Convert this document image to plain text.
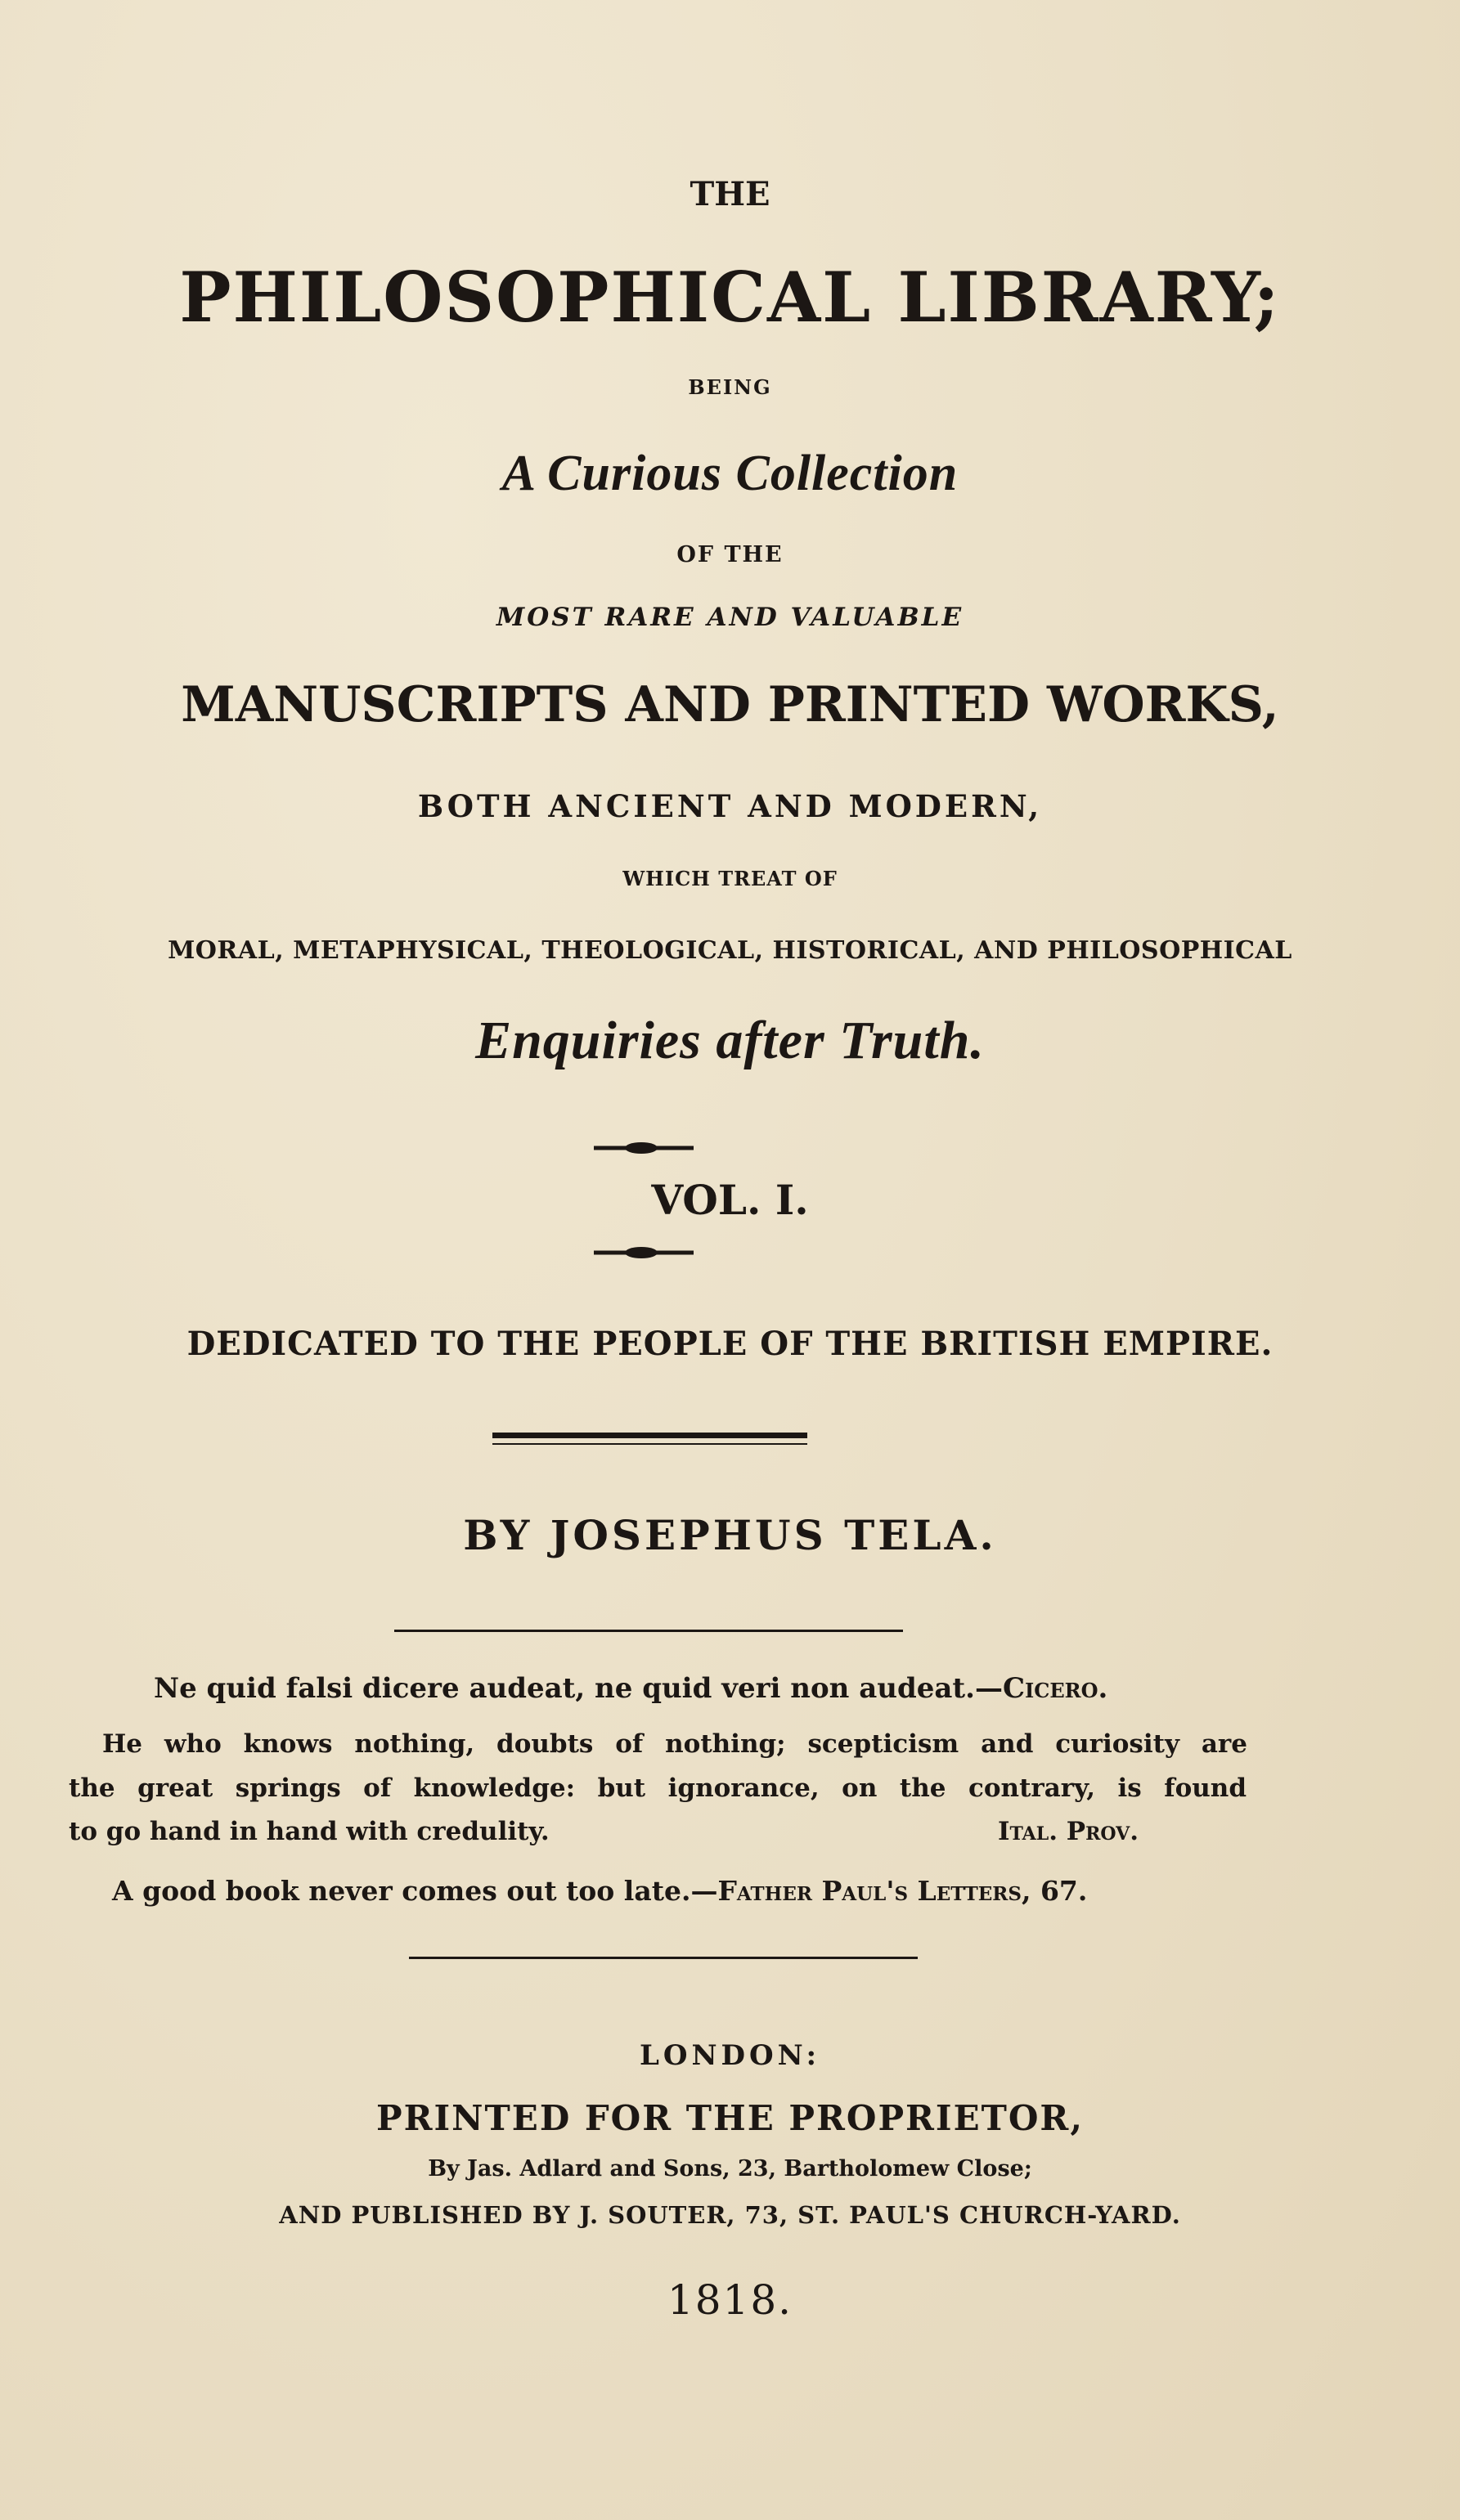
THE

PHILOSOPHICAL LIBRARY;

BEING

A Curious Collection

OF THE

MOST RARE AND VALUABLE

MANUSCRIPTS AND PRINTED WORKS,

BOTH ANCIENT AND MODERN,

WHICH TREAT OF

MORAL, METAPHYSICAL, THEOLOGICAL, HISTORICAL, AND PHILOSOPHICAL

Enquiries after Truth.

VOL. I.

DEDICATED TO THE PEOPLE OF THE BRITISH EMPIRE.

BY JOSEPHUS TELA.

Ne quid falsi dicere audeat, ne quid veri non audeat.—Cicero.

He who knows nothing, doubts of nothing; scepticism and curiosity are

the great springs of knowledge: but ignorance, on the contrary, is found

to go hand in hand with credulity.	Ital. Prov.

A good book never comes out too late.—Father Paul's Letters, 67.

LONDON:

PRINTED FOR THE PROPRIETOR,

By Jas. Adlard and Sons, 23, Bartholomew Close;

AND PUBLISHED BY J. SOUTER, 73, ST. PAUL'S CHURCH-YARD.

1818.
